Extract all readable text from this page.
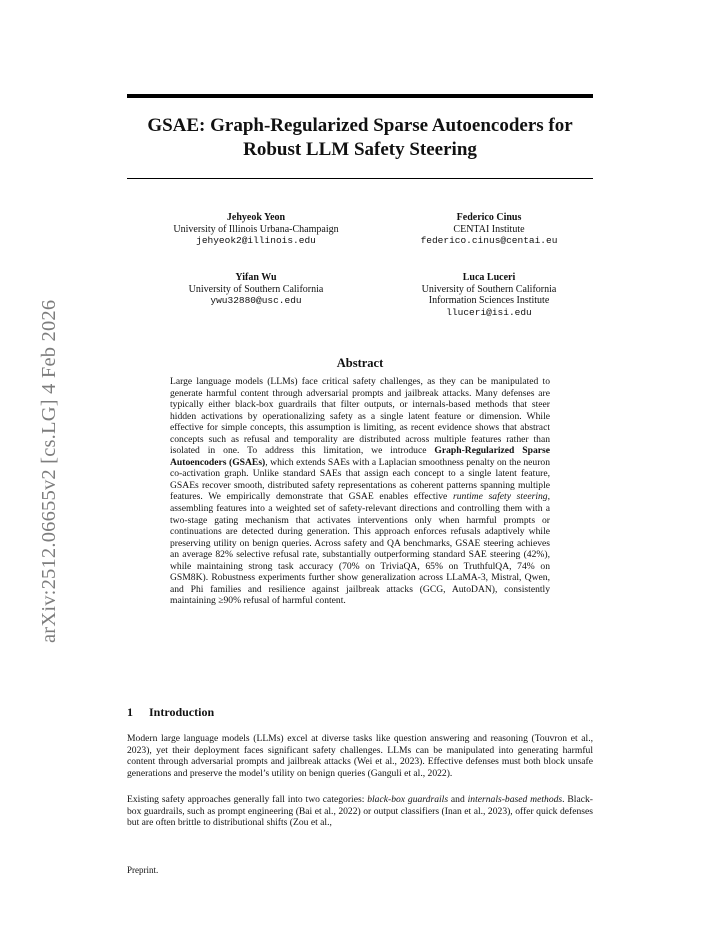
arXiv:2512.06655v2 [cs.LG] 4 Feb 2026
GSAE: Graph-Regularized Sparse Autoencoders for
Robust LLM Safety Steering
Jehyeok Yeon
University of Illinois Urbana-Champaign
jehyeok2@illinois.edu
Federico Cinus
CENTAI Institute
federico.cinus@centai.eu
Yifan Wu
University of Southern California
ywu32880@usc.edu
Luca Luceri
University of Southern California
Information Sciences Institute
lluceri@isi.edu
Abstract
Large language models (LLMs) face critical safety challenges, as they can be manipulated to generate harmful content through adversarial prompts and jailbreak attacks. Many defenses are typically either black-box guardrails that filter outputs, or internals-based methods that steer hidden activations by operationalizing safety as a single latent feature or dimension. While effective for simple concepts, this assumption is limiting, as recent evidence shows that abstract concepts such as refusal and temporality are distributed across multiple features rather than isolated in one. To address this limitation, we introduce Graph-Regularized Sparse Autoencoders (GSAEs), which extends SAEs with a Laplacian smoothness penalty on the neuron co-activation graph. Unlike standard SAEs that assign each concept to a single latent feature, GSAEs recover smooth, distributed safety representations as coherent patterns spanning multiple features. We empirically demonstrate that GSAE enables effective runtime safety steering, assembling features into a weighted set of safety-relevant directions and controlling them with a two-stage gating mechanism that activates interventions only when harmful prompts or continuations are detected during generation. This approach enforces refusals adaptively while preserving utility on benign queries. Across safety and QA benchmarks, GSAE steering achieves an average 82% selective refusal rate, substantially outperforming standard SAE steering (42%), while maintaining strong task accuracy (70% on TriviaQA, 65% on TruthfulQA, 74% on GSM8K). Robustness experiments further show generalization across LLaMA-3, Mistral, Qwen, and Phi families and resilience against jailbreak attacks (GCG, AutoDAN), consistently maintaining ≥90% refusal of harmful content.
1 Introduction
Modern large language models (LLMs) excel at diverse tasks like question answering and reasoning (Touvron et al., 2023), yet their deployment faces significant safety challenges. LLMs can be manipulated into generating harmful content through adversarial prompts and jailbreak attacks (Wei et al., 2023). Effective defenses must both block unsafe generations and preserve the model’s utility on benign queries (Ganguli et al., 2022).
Existing safety approaches generally fall into two categories: black-box guardrails and internals-based methods. Black-box guardrails, such as prompt engineering (Bai et al., 2022) or output classifiers (Inan et al., 2023), offer quick defenses but are often brittle to distributional shifts (Zou et al.,
Preprint.
